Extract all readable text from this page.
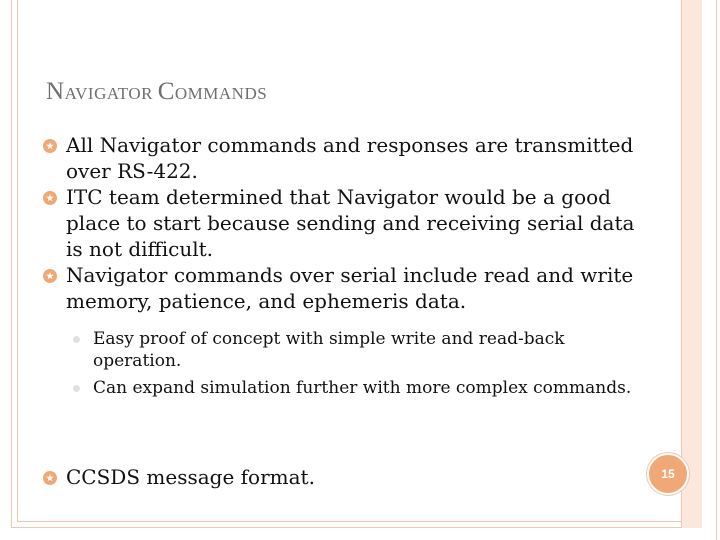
NAVIGATOR COMMANDS
All Navigator commands and responses are transmitted over RS-422.
ITC team determined that Navigator would be a good place to start because sending and receiving serial data is not difficult.
Navigator commands over serial include read and write memory, patience, and ephemeris data.
Easy proof of concept with simple write and read-back operation.
Can expand simulation further with more complex commands.
CCSDS message format.	15
